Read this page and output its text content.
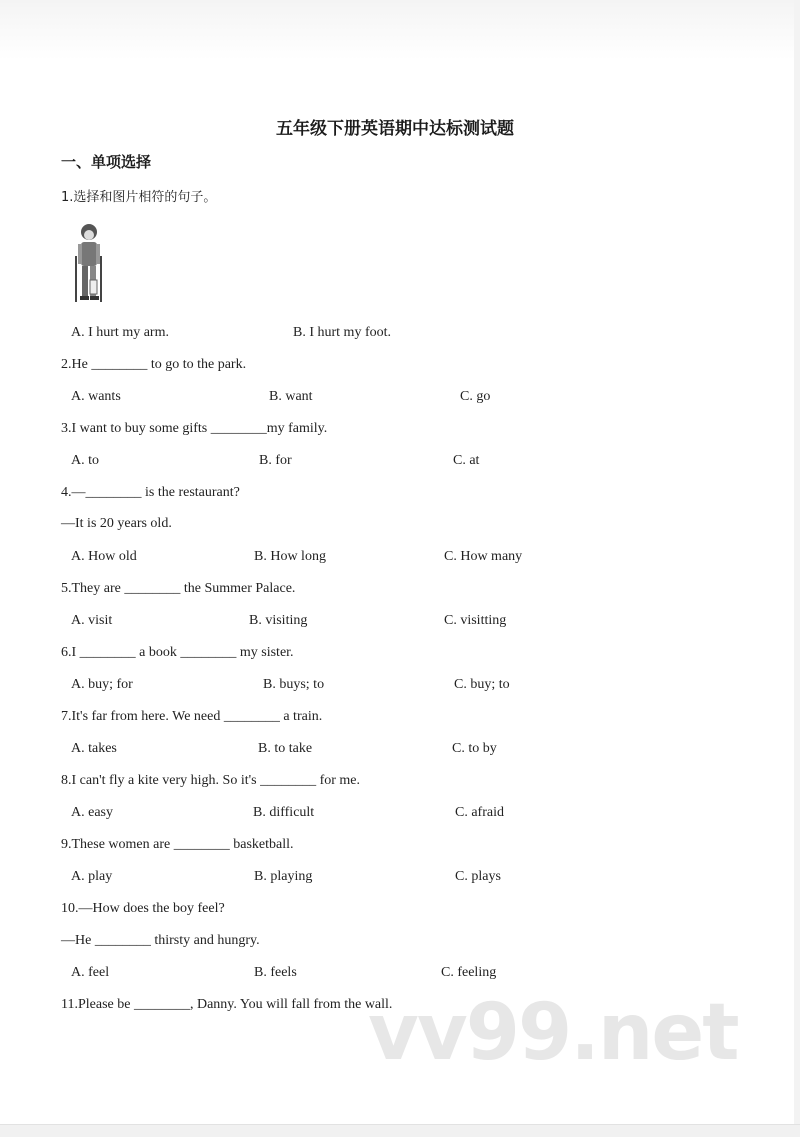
五年级下册英语期中达标测试题
一、单项选择
1.选择和图片相符的句子。
A. I hurt my arm.	B. I hurt my foot.
2.He ________ to go to the park.
A. wants	B. want	C. go
3.I want to buy some gifts ________my family.
A. to	B. for	C. at
4.—________ is the restaurant?
—It is 20 years old.
A. How old	B. How long	C. How many
5.They are ________ the Summer Palace.
A. visit	B. visiting	C. visitting
6.I ________ a book ________ my sister.
A. buy; for	B. buys; to	C. buy; to
7.It's far from here. We need ________ a train.
A. takes	B. to take	C. to by
8.I can't fly a kite very high. So it's ________ for me.
A. easy	B. difficult	C. afraid
9.These women are ________ basketball.
A. play	B. playing	C. plays
10.—How does the boy feel?
—He ________ thirsty and hungry.
A. feel	B. feels	C. feeling
11.Please be ________, Danny. You will fall from the wall.
vv99.net
